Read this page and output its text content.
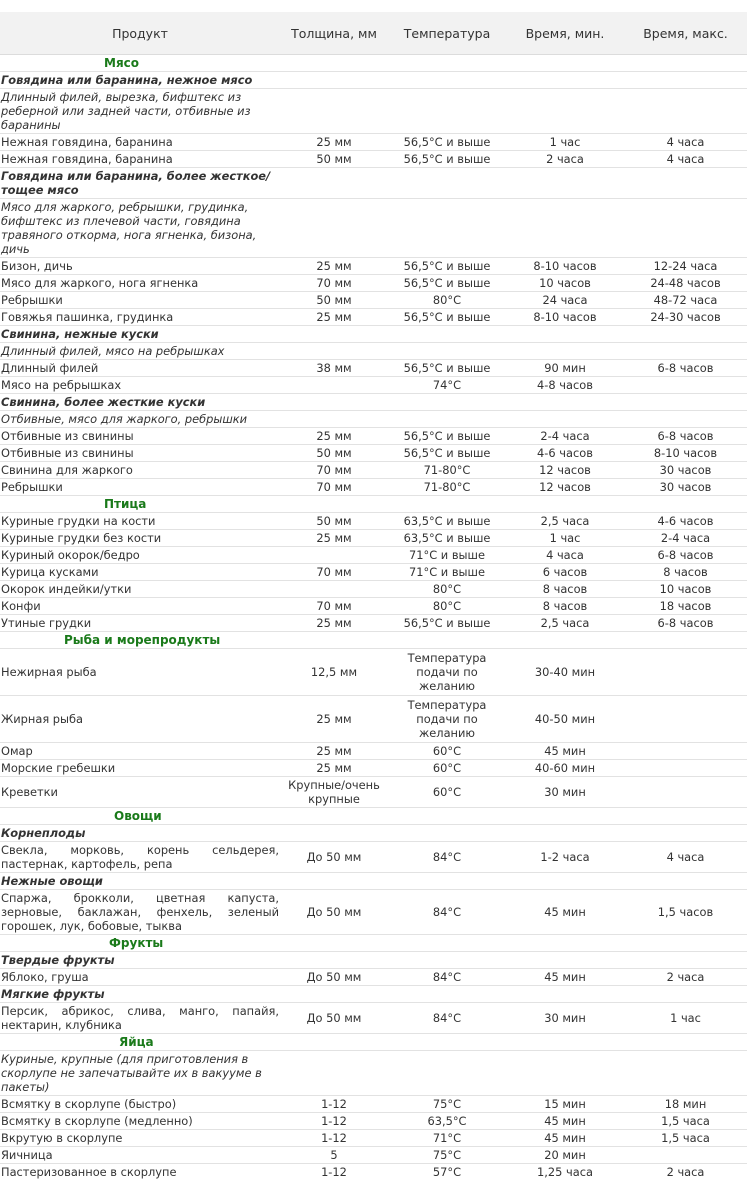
Продукт	Толщина, мм	Температура	Время, мин.	Время, макс.
Мясо				
Говядина или баранина, нежное мясо				
Длинный филей, вырезка, бифштекс из реберной или задней части, отбивные из баранины				
Нежная говядина, баранина	25 мм	56,5°С и выше	1 час	4 часа
Нежная говядина, баранина	50 мм	56,5°С и выше	2 часа	4 часа
Говядина или баранина, более жесткое/ тощее мясо				
Мясо для жаркого, ребрышки, грудинка, бифштекс из плечевой части, говядина травяного откорма, нога ягненка, бизона, дичь				
Бизон, дичь	25 мм	56,5°С и выше	8-10 часов	12-24 часа
Мясо для жаркого, нога ягненка	70 мм	56,5°С и выше	10 часов	24-48 часов
Ребрышки	50 мм	80°С	24 часа	48-72 часа
Говяжья пашинка, грудинка	25 мм	56,5°С и выше	8-10 часов	24-30 часов
Свинина, нежные куски				
Длинный филей, мясо на ребрышках				
Длинный филей	38 мм	56,5°С и выше	90 мин	6-8 часов
Мясо на ребрышках		74°С	4-8 часов	
Свинина, более жесткие куски				
Отбивные, мясо для жаркого, ребрышки				
Отбивные из свинины	25 мм	56,5°С и выше	2-4 часа	6-8 часов
Отбивные из свинины	50 мм	56,5°С и выше	4-6 часов	8-10 часов
Свинина для жаркого	70 мм	71-80°С	12 часов	30 часов
Ребрышки	70 мм	71-80°С	12 часов	30 часов
Птица				
Куриные грудки на кости	50 мм	63,5°С и выше	2,5 часа	4-6 часов
Куриные грудки без кости	25 мм	63,5°С и выше	1 час	2-4 часа
Куриный окорок/бедро		71°С и выше	4 часа	6-8 часов
Курица кусками	70 мм	71°С и выше	6 часов	8 часов
Окорок индейки/утки		80°С	8 часов	10 часов
Конфи	70 мм	80°С	8 часов	18 часов
Утиные грудки	25 мм	56,5°С и выше	2,5 часа	6-8 часов
Рыба и морепродукты				
Нежирная рыба	12,5 мм	Температура подачи по желанию	30-40 мин	
Жирная рыба	25 мм	Температура подачи по желанию	40-50 мин	
Омар	25 мм	60°С	45 мин	
Морские гребешки	25 мм	60°С	40-60 мин	
Креветки	Крупные/очень крупные	60°С	30 мин	
Овощи				
Корнеплоды				
Свекла, морковь, корень сельдерея, пастернак, картофель, репа	До 50 мм	84°С	1-2 часа	4 часа
Нежные овощи				
Спаржа, брокколи, цветная капуста, зерновые, баклажан, фенхель, зеленый горошек, лук, бобовые, тыква	До 50 мм	84°С	45 мин	1,5 часов
Фрукты				
Твердые фрукты				
Яблоко, груша	До 50 мм	84°С	45 мин	2 часа
Мягкие фрукты				
Персик, абрикос, слива, манго, папайя, нектарин, клубника	До 50 мм	84°С	30 мин	1 час
Яйца				
Куриные, крупные (для приготовления в скорлупе не запечатывайте их в вакууме в пакеты)				
Всмятку в скорлупе (быстро)	1-12	75°С	15 мин	18 мин
Всмятку в скорлупе (медленно)	1-12	63,5°С	45 мин	1,5 часа
Вкрутую в скорлупе	1-12	71°С	45 мин	1,5 часа
Яичница	5	75°С	20 мин	
Пастеризованное в скорлупе	1-12	57°С	1,25 часа	2 часа
